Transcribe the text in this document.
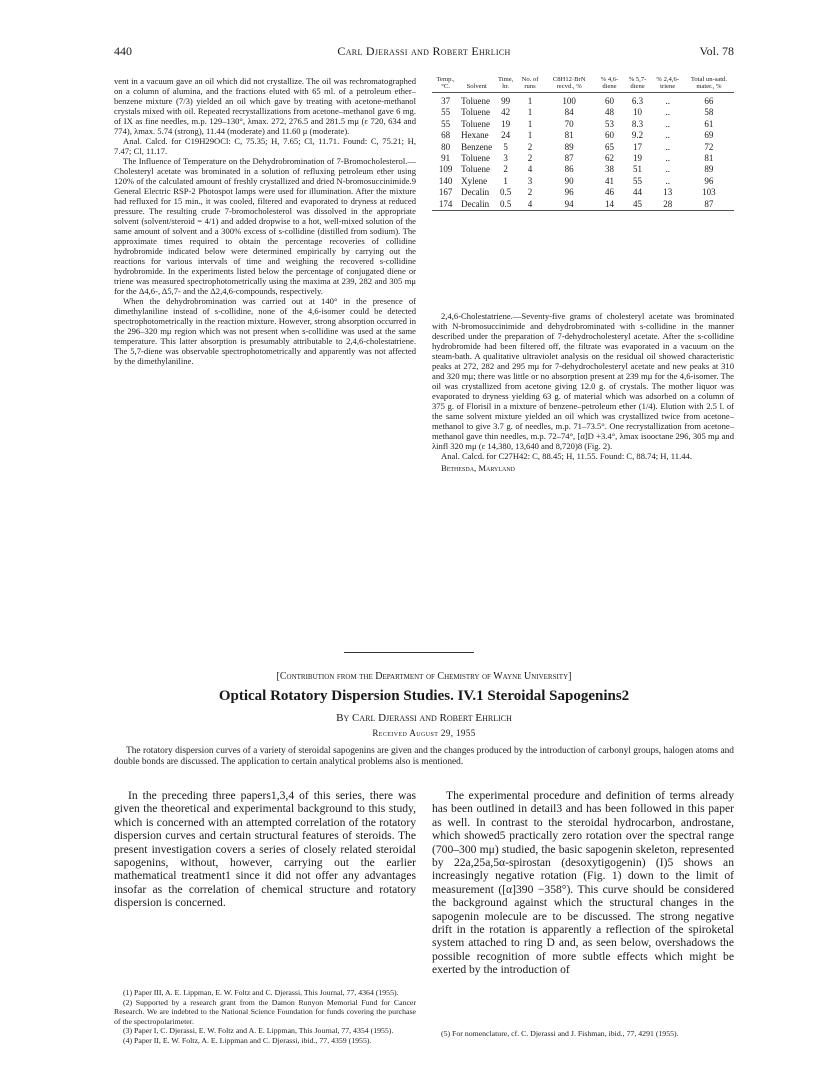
440	Carl Djerassi and Robert Ehrlich	Vol. 78

vent in a vacuum gave an oil which did not crystallize. The oil was rechromatographed on a column of alumina, and the fractions eluted with 65 ml. of a petroleum ether–benzene mixture (7/3) yielded an oil which gave by treating with acetone-methanol crystals mixed with oil. Repeated recrystallizations from acetone–methanol gave 6 mg. of IX as fine needles, m.p. 129–130°, λmax. 272, 276.5 and 281.5 mμ (ε 720, 634 and 774), λmax. 5.74 (strong), 11.44 (moderate) and 11.60 μ (moderate).

Anal. Calcd. for C19H29OCl: C, 75.35; H, 7.65; Cl, 11.71. Found: C, 75.21; H, 7.47; Cl, 11.17.

The Influence of Temperature on the Dehydrobromination of 7-Bromocholesterol.—Cholesteryl acetate was brominated in a solution of refluxing petroleum ether using 120% of the calculated amount of freshly crystallized and dried N-bromosuccinimide.9 General Electric RSP-2 Photospot lamps were used for illumination. After the mixture had refluxed for 15 min., it was cooled, filtered and evaporated to dryness at reduced pressure. The resulting crude 7-bromocholesterol was dissolved in the appropriate solvent (solvent/steroid = 4/1) and added dropwise to a hot, well-mixed solution of the same amount of solvent and a 300% excess of s-collidine (distilled from sodium). The approximate times required to obtain the percentage recoveries of collidine hydrobromide indicated below were determined empirically by carrying out the reactions for various intervals of time and weighing the recovered s-collidine hydrobromide. In the experiments listed below the percentage of conjugated diene or triene was measured spectrophotometrically using the maxima at 239, 282 and 305 mμ for the Δ4,6-, Δ5,7- and the Δ2,4,6-compounds, respectively.

When the dehydrobromination was carried out at 140° in the presence of dimethylaniline instead of s-collidine, none of the 4,6-isomer could be detected spectrophotometrically in the reaction mixture. However, strong absorption occurred in the 296–320 mμ region which was not present when s-collidine was used at the same temperature. This latter absorption is presumably attributable to 2,4,6-cholestatriene. The 5,7-diene was observable spectrophotometrically and apparently was not affected by the dimethylaniline.

Temp., °C.	Solvent	Time, hr.	No. of runs	C8H12·BrN recvd., %	% 4,6-diene	% 5,7-diene	% 2,4,6-triene	Total un-satd. mater., %
37	Toluene	99	1	100	60	6.3	..	66
55	Toluene	42	1	84	48	10	..	58
55	Toluene	19	1	70	53	8.3	..	61
68	Hexane	24	1	81	60	9.2	..	69
80	Benzene	5	2	89	65	17	..	72
91	Toluene	3	2	87	62	19	..	81
109	Toluene	2	4	86	38	51	..	89
140	Xylene	1	3	90	41	55	..	96
167	Decalin	0.5	2	96	46	44	13	103
174	Decalin	0.5	4	94	14	45	28	87

2,4,6-Cholestatriene.—Seventy-five grams of cholesteryl acetate was brominated with N-bromosuccinimide and dehydrobrominated with s-collidine in the manner described under the preparation of 7-dehydrocholesteryl acetate. After the s-collidine hydrobromide had been filtered off, the filtrate was evaporated in a vacuum on the steam-bath. A qualitative ultraviolet analysis on the residual oil showed characteristic peaks at 272, 282 and 295 mμ for 7-dehydrocholesteryl acetate and new peaks at 310 and 320 mμ; there was little or no absorption present at 239 mμ for the 4,6-isomer. The oil was crystallized from acetone giving 12.0 g. of crystals. The mother liquor was evaporated to dryness yielding 63 g. of material which was adsorbed on a column of 375 g. of Florisil in a mixture of benzene–petroleum ether (1/4). Elution with 2.5 l. of the same solvent mixture yielded an oil which was crystallized twice from acetone–methanol to give 3.7 g. of needles, m.p. 71–73.5°. One recrystallization from acetone–methanol gave thin needles, m.p. 72–74°, [α]D +3.4°, λmax isooctane 296, 305 mμ and λinfl 320 mμ (ε 14,380, 13,640 and 8,720)8 (Fig. 2).

Anal. Calcd. for C27H42: C, 88.45; H, 11.55. Found: C, 88.74; H, 11.44.

Bethesda, Maryland

[Contribution from the Department of Chemistry of Wayne University]
Optical Rotatory Dispersion Studies. IV.1 Steroidal Sapogenins2
By Carl Djerassi and Robert Ehrlich
Received August 29, 1955
The rotatory dispersion curves of a variety of steroidal sapogenins are given and the changes produced by the introduction of carbonyl groups, halogen atoms and double bonds are discussed. The application to certain analytical problems also is mentioned.

In the preceding three papers1,3,4 of this series, there was given the theoretical and experimental background to this study, which is concerned with an attempted correlation of the rotatory dispersion curves and certain structural features of steroids. The present investigation covers a series of closely related steroidal sapogenins, without, however, carrying out the earlier mathematical treatment1 since it did not offer any advantages insofar as the correlation of chemical structure and rotatory dispersion is concerned.

The experimental procedure and definition of terms already has been outlined in detail3 and has been followed in this paper as well. In contrast to the steroidal hydrocarbon, androstane, which showed5 practically zero rotation over the spectral range (700–300 mμ) studied, the basic sapogenin skeleton, represented by 22a,25a,5α-spirostan (desoxytigogenin) (I)5 shows an increasingly negative rotation (Fig. 1) down to the limit of measurement ([α]390 −358°). This curve should be considered the background against which the structural changes in the sapogenin molecule are to be discussed. The strong negative drift in the rotation is apparently a reflection of the spiroketal system attached to ring D and, as seen below, overshadows the possible recognition of more subtle effects which might be exerted by the introduction of

(1) Paper III, A. E. Lippman, E. W. Foltz and C. Djerassi, This Journal, 77, 4364 (1955).

(2) Supported by a research grant from the Damon Runyon Memorial Fund for Cancer Research. We are indebted to the National Science Foundation for funds covering the purchase of the spectropolarimeter.

(3) Paper I, C. Djerassi, E. W. Foltz and A. E. Lippman, This Journal, 77, 4354 (1955).

(4) Paper II, E. W. Foltz, A. E. Lippman and C. Djerassi, ibid., 77, 4359 (1955).

(5) For nomenclature, cf. C. Djerassi and J. Fishman, ibid., 77, 4291 (1955).
